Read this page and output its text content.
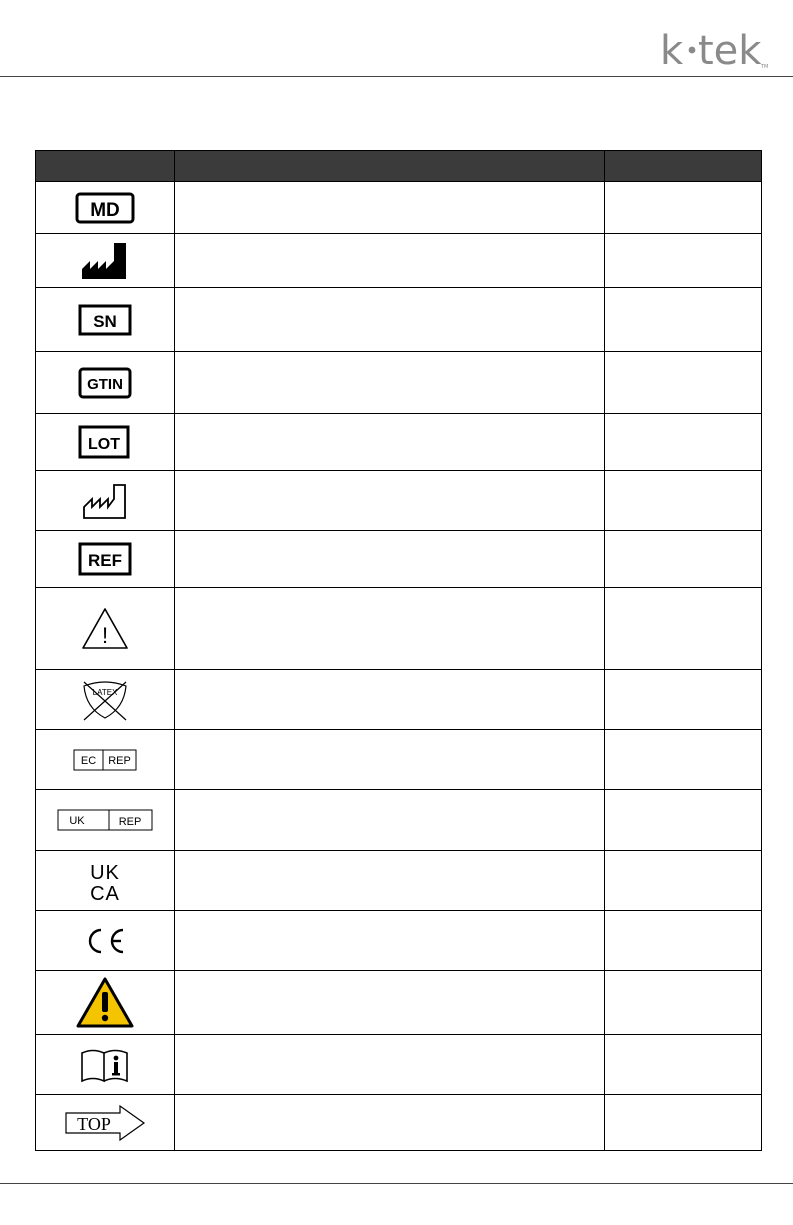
k tek TM

MD		

SN		

GTIN		

LOT		

REF		

!		

LATEX		

EC REP		

UK REP		

UK
CA		

TOP		
